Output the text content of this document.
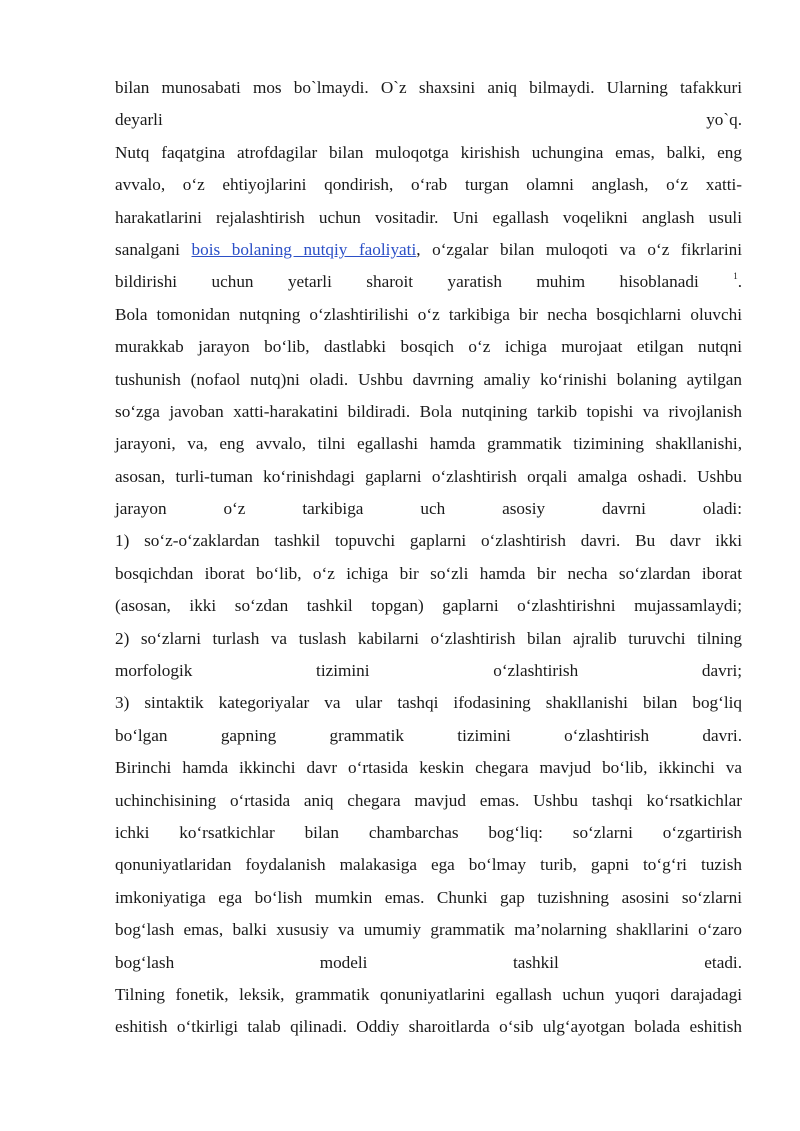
bilan munosabati mos bo`lmaydi. O`z shaxsini aniq bilmaydi. Ularning tafakkuri
deyarli yo`q.
Nutq faqatgina atrofdagilar bilan muloqotga kirishish uchungina emas, balki, eng
avvalo, o‘z ehtiyojlarini qondirish, o‘rab turgan olamni anglash, o‘z xatti-
harakatlarini rejalashtirish uchun vositadir. Uni egallash voqelikni anglash usuli
sanalgani bois bolaning nutqiy faoliyati, o‘zgalar bilan muloqoti va o‘z fikrlarini
bildirishi uchun yetarli sharoit yaratish muhim hisoblanadi	$^1$.
Bola tomonidan nutqning o‘zlashtirilishi o‘z tarkibiga bir necha bosqichlarni oluvchi
murakkab jarayon bo‘lib, dastlabki bosqich o‘z ichiga murojaat etilgan nutqni
tushunish (nofaol nutq)ni oladi. Ushbu davrning amaliy ko‘rinishi bolaning aytilgan
so‘zga javoban xatti-harakatini bildiradi. Bola nutqining tarkib topishi va rivojlanish
jarayoni, va, eng avvalo, tilni egallashi hamda grammatik tizimining shakllanishi,
asosan, turli-tuman ko‘rinishdagi gaplarni o‘zlashtirish orqali amalga oshadi. Ushbu
jarayon o‘z tarkibiga uch asosiy davrni oladi:
1) so‘z-o‘zaklardan tashkil topuvchi gaplarni o‘zlashtirish davri. Bu davr ikki
bosqichdan iborat bo‘lib, o‘z ichiga bir so‘zli hamda bir necha so‘zlardan iborat
(asosan, ikki so‘zdan tashkil topgan) gaplarni o‘zlashtirishni mujassamlaydi;
2) so‘zlarni turlash va tuslash kabilarni o‘zlashtirish bilan ajralib turuvchi tilning
morfologik tizimini o‘zlashtirish davri;
3) sintaktik kategoriyalar va ular tashqi ifodasining shakllanishi bilan bog‘liq
bo‘lgan gapning grammatik tizimini o‘zlashtirish davri.
Birinchi hamda ikkinchi davr o‘rtasida keskin chegara mavjud bo‘lib, ikkinchi va
uchinchisining o‘rtasida aniq chegara mavjud emas. Ushbu tashqi ko‘rsatkichlar
ichki ko‘rsatkichlar bilan chambarchas bog‘liq: so‘zlarni o‘zgartirish
qonuniyatlaridan foydalanish malakasiga ega bo‘lmay turib, gapni to‘g‘ri tuzish
imkoniyatiga ega bo‘lish mumkin emas. Chunki gap tuzishning asosini so‘zlarni
bog‘lash emas, balki xususiy va umumiy grammatik ma’nolarning shakllarini o‘zaro
bog‘lash modeli tashkil etadi.
Tilning fonetik, leksik, grammatik qonuniyatlarini egallash uchun yuqori darajadagi
eshitish o‘tkirligi talab qilinadi. Oddiy sharoitlarda o‘sib ulg‘ayotgan bolada eshitish
